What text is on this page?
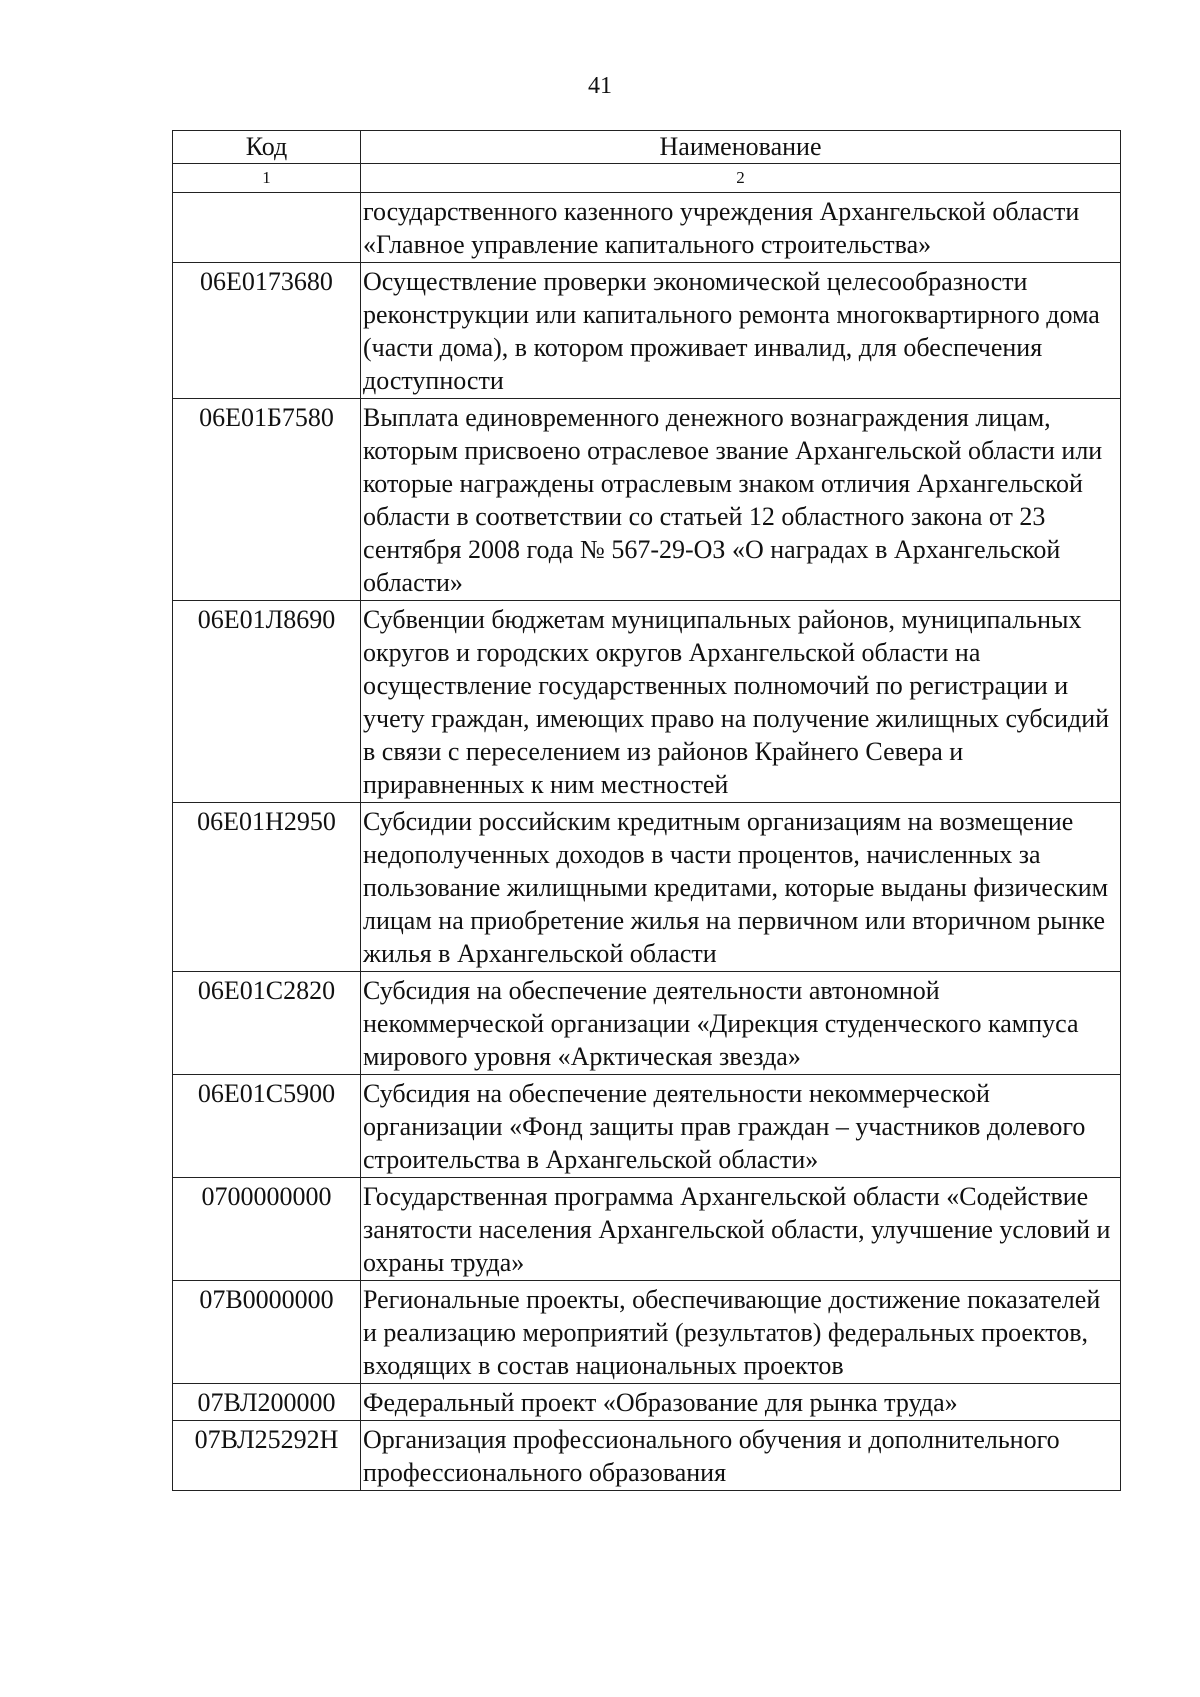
41
Код	Наименование
1	2
	государственного казенного учреждения Архангельской области «Главное управление капитального строительства»
06Е0173680	Осуществление проверки экономической целесообразности реконструкции или капитального ремонта многоквартирного дома (части дома), в котором проживает инвалид, для обеспечения доступности
06Е01Б7580	Выплата единовременного денежного вознаграждения лицам, которым присвоено отраслевое звание Архангельской области или которые награждены отраслевым знаком отличия Архангельской области в соответствии со статьей 12 областного закона от 23 сентября 2008 года № 567-29-ОЗ «О наградах в Архангельской области»
06Е01Л8690	Субвенции бюджетам муниципальных районов, муниципальных округов и городских округов Архангельской области на осуществление государственных полномочий по регистрации и учету граждан, имеющих право на получение жилищных субсидий в связи с переселением из районов Крайнего Севера и приравненных к ним местностей
06Е01Н2950	Субсидии российским кредитным организациям на возмещение недополученных доходов в части процентов, начисленных за пользование жилищными кредитами, которые выданы физическим лицам на приобретение жилья на первичном или вторичном рынке жилья в Архангельской области
06Е01С2820	Субсидия на обеспечение деятельности автономной некоммерческой организации «Дирекция студенческого кампуса мирового уровня «Арктическая звезда»
06Е01С5900	Субсидия на обеспечение деятельности некоммерческой организации «Фонд защиты прав граждан – участников долевого строительства в Архангельской области»
0700000000	Государственная программа Архангельской области «Содействие занятости населения Архангельской области, улучшение условий и охраны труда»
07В0000000	Региональные проекты, обеспечивающие достижение показателей и реализацию мероприятий (результатов) федеральных проектов, входящих в состав национальных проектов
07ВЛ200000	Федеральный проект «Образование для рынка труда»
07ВЛ25292Н	Организация профессионального обучения и дополнительного профессионального образования
